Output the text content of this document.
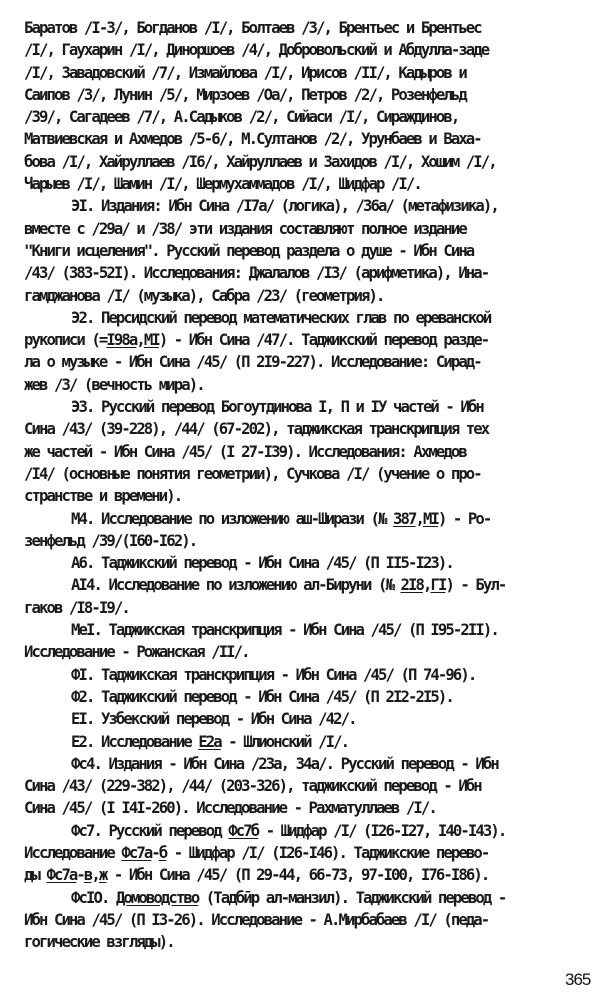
Баратов /I-3/, Богданов /I/, Болтаев /3/, Брентьес и Брентьес
/I/, Гаухарин /I/, Диноршоев /4/, Добровольский и Абдулла-заде
/I/, Завадовский /7/, Измайлова /I/, Ирисов /II/, Кадыров и
Саипов /3/, Лунин /5/, Мирзоев /Оа/, Петров /2/, Розенфельд
/39/, Сагадеев /7/, А.Садыков /2/, Сийаси /I/, Сираждинов,
Матвиевская и Ахмедов /5-6/, М.Султанов /2/, Урунбаев и Ваха-
бова /I/, Хайруллаев /I6/, Хайруллаев и Захидов /I/, Хошим /I/,
Чарыев /I/, Шамин /I/, Шермухаммадов /I/, Шидфар /I/.
ЭI. Издания: Ибн Сина /I7а/ (логика), /36а/ (метафизика),
вместе с /29а/ и /38/ эти издания составляют полное издание
"Книги исцеления". Русский перевод раздела о душе - Ибн Сина
/43/ (383-52I). Исследования: Джалалов /I3/ (арифметика), Ина-
гамджанова /I/ (музыка), Сабра /23/ (геометрия).
Э2. Персидский перевод математических глав по ереванской
рукописи (=I98а,МI) - Ибн Сина /47/. Таджикский перевод разде-
ла о музыке - Ибн Сина /45/ (П 2I9-227). Исследование: Сирад-
жев /3/ (вечность мира).
Э3. Русский перевод Богоутдинова I, П и IУ частей - Ибн
Сина /43/ (39-228), /44/ (67-202), таджикская транскрипция тех
же частей - Ибн Сина /45/ (I 27-I39). Исследования: Ахмедов
/I4/ (основные понятия геометрии), Сучкова /I/ (учение о про-
странстве и времени).
М4. Исследование по изложению аш-Ширази (№ 387,МI) - Ро-
зенфельд /39/(I60-I62).
А6. Таджикский перевод - Ибн Сина /45/ (П II5-I23).
АI4. Исследование по изложению ал-Бируни (№ 2I8,ГI) - Бул-
гаков /I8-I9/.
МеI. Таджикская транскрипция - Ибн Сина /45/ (П I95-2II).
Исследование - Рожанская /II/.
ФI. Таджикская транскрипция - Ибн Сина /45/ (П 74-96).
Ф2. Таджикский перевод - Ибн Сина /45/ (П 2I2-2I5).
ЕI. Узбекский перевод - Ибн Сина /42/.
Е2. Исследование Е2а - Шлионский /I/.
Фс4. Издания - Ибн Сина /23а, 34а/. Русский перевод - Ибн
Сина /43/ (229-382), /44/ (203-326), таджикский перевод - Ибн
Сина /45/ (I I4I-260). Исследование - Рахматуллаев /I/.
Фс7. Русский перевод Фс7б - Шидфар /I/ (I26-I27, I40-I43).
Исследование Фс7а-б - Шидфар /I/ (I26-I46). Таджикские перево-
ды Фс7а-в,ж - Ибн Сина /45/ (П 29-44, 66-73, 97-I00, I76-I86).
ФсIO. Домоводство (Тадбӣр ал-манзил). Таджикский перевод -
Ибн Сина /45/ (П I3-26). Исследование - А.Мирбабаев /I/ (педа-
гогические взгляды).
365
